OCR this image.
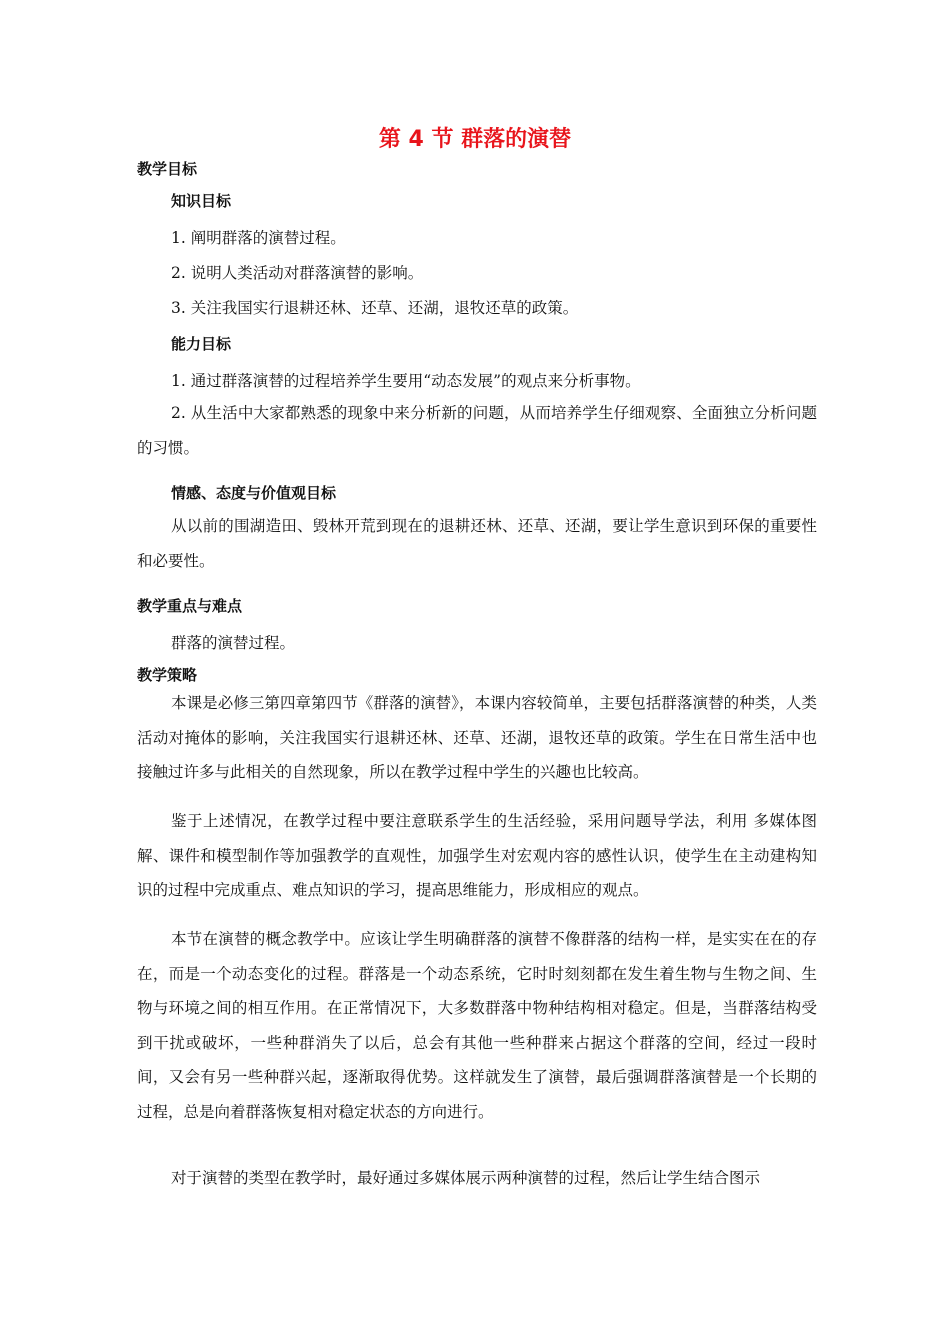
第 4 节 群落的演替
教学目标
知识目标
1. 阐明群落的演替过程。
2. 说明人类活动对群落演替的影响。
3. 关注我国实行退耕还林、还草、还湖，退牧还草的政策。
能力目标
1. 通过群落演替的过程培养学生要用“动态发展”的观点来分析事物。

2. 从生活中大家都熟悉的现象中来分析新的问题，从而培养学生仔细观察、全面独立分析问题的习惯。

情感、态度与价值观目标

从以前的围湖造田、毁林开荒到现在的退耕还林、还草、还湖，要让学生意识到环保的重要性和必要性。

教学重点与难点
群落的演替过程。
教学策略

本课是必修三第四章第四节《群落的演替》，本课内容较简单，主要包括群落演替的种类，人类活动对掩体的影响，关注我国实行退耕还林、还草、还湖，退牧还草的政策。学生在日常生活中也接触过许多与此相关的自然现象，所以在教学过程中学生的兴趣也比较高。

鉴于上述情况，在教学过程中要注意联系学生的生活经验，采用问题导学法，利用 多媒体图解、课件和模型制作等加强教学的直观性，加强学生对宏观内容的感性认识，使学生在主动建构知识的过程中完成重点、难点知识的学习，提高思维能力，形成相应的观点。

本节在演替的概念教学中。应该让学生明确群落的演替不像群落的结构一样，是实实在在的存在，而是一个动态变化的过程。群落是一个动态系统，它时时刻刻都在发生着生物与生物之间、生物与环境之间的相互作用。在正常情况下，大多数群落中物种结构相对稳定。但是，当群落结构受到干扰或破坏，一些种群消失了以后，总会有其他一些种群来占据这个群落的空间，经过一段时间，又会有另一些种群兴起，逐渐取得优势。这样就发生了演替，最后强调群落演替是一个长期的过程，总是向着群落恢复相对稳定状态的方向进行。

对于演替的类型在教学时，最好通过多媒体展示两种演替的过程，然后让学生结合图示
